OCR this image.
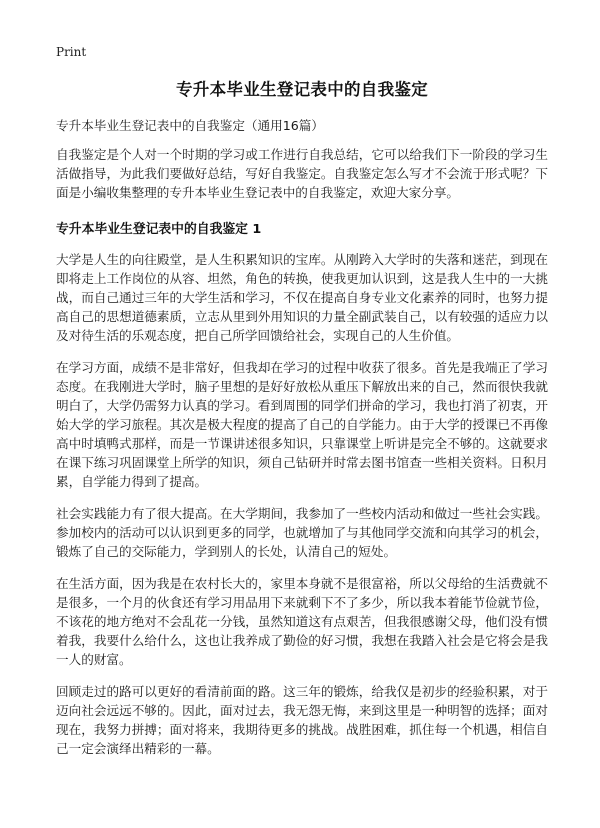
Print
专升本毕业生登记表中的自我鉴定

专升本毕业生登记表中的自我鉴定（通用16篇）

自我鉴定是个人对一个时期的学习或工作进行自我总结，它可以给我们下一阶段的学习生活做指导，为此我们要做好总结，写好自我鉴定。自我鉴定怎么写才不会流于形式呢？下面是小编收集整理的专升本毕业生登记表中的自我鉴定，欢迎大家分享。

专升本毕业生登记表中的自我鉴定 1

大学是人生的向往殿堂，是人生积累知识的宝库。从刚跨入大学时的失落和迷茫，到现在即将走上工作岗位的从容、坦然，角色的转换，使我更加认识到，这是我人生中的一大挑战，而自己通过三年的大学生活和学习，不仅在提高自身专业文化素养的同时，也努力提高自己的思想道德素质，立志从里到外用知识的力量全副武装自己，以有较强的适应力以及对待生活的乐观态度，把自己所学回馈给社会，实现自己的人生价值。

在学习方面，成绩不是非常好，但我却在学习的过程中收获了很多。首先是我端正了学习态度。在我刚进大学时，脑子里想的是好好放松从重压下解放出来的自己，然而很快我就明白了，大学仍需努力认真的学习。看到周围的同学们拼命的学习，我也打消了初衷，开始大学的学习旅程。其次是极大程度的提高了自己的自学能力。由于大学的授课已不再像高中时填鸭式那样，而是一节课讲述很多知识，只靠课堂上听讲是完全不够的。这就要求在课下练习巩固课堂上所学的知识，须自己钻研并时常去图书馆查一些相关资料。日积月累，自学能力得到了提高。

社会实践能力有了很大提高。在大学期间，我参加了一些校内活动和做过一些社会实践。参加校内的活动可以认识到更多的同学，也就增加了与其他同学交流和向其学习的机会，锻炼了自己的交际能力，学到别人的长处，认清自己的短处。

在生活方面，因为我是在农村长大的，家里本身就不是很富裕，所以父母给的生活费就不是很多，一个月的伙食还有学习用品用下来就剩下不了多少，所以我本着能节俭就节俭，不该花的地方绝对不会乱花一分钱，虽然知道这有点艰苦，但我很感谢父母，他们没有惯着我，我要什么给什么，这也让我养成了勤俭的好习惯，我想在我踏入社会是它将会是我一人的财富。

回顾走过的路可以更好的看清前面的路。这三年的锻炼，给我仅是初步的经验积累，对于迈向社会远远不够的。因此，面对过去，我无怨无悔，来到这里是一种明智的选择；面对现在，我努力拼搏；面对将来，我期待更多的挑战。战胜困难，抓住每一个机遇，相信自己一定会演绎出精彩的一幕。
